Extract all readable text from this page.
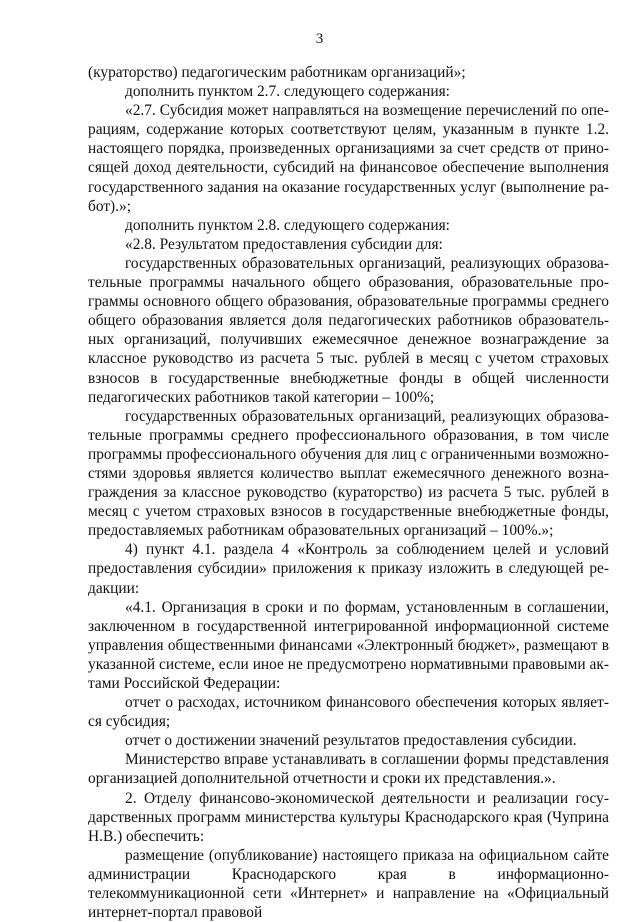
3

(кураторство) педагогическим работникам организаций»;

дополнить пунктом 2.7. следующего содержания:

«2.7. Субсидия может направляться на возмещение перечислений по операциям, содержание которых соответствуют целям, указанным в пункте 1.2. настоящего порядка, произведенных организациями за счет средств от приносящей доход деятельности, субсидий на финансовое обеспечение выполнения государственного задания на оказание государственных услуг (выполнение работ).»;

дополнить пунктом 2.8. следующего содержания:

«2.8. Результатом предоставления субсидии для:

государственных образовательных организаций, реализующих образовательные программы начального общего образования, образовательные программы основного общего образования, образовательные программы среднего общего образования является доля педагогических работников образовательных организаций, получивших ежемесячное денежное вознаграждение за классное руководство из расчета 5 тыс. рублей в месяц с учетом страховых взносов в государственные внебюджетные фонды в общей численности педагогических работников такой категории – 100%;

государственных образовательных организаций, реализующих образовательные программы среднего профессионального образования, в том числе программы профессионального обучения для лиц с ограниченными возможностями здоровья является количество выплат ежемесячного денежного вознаграждения за классное руководство (кураторство) из расчета 5 тыс. рублей в месяц с учетом страховых взносов в государственные внебюджетные фонды, предоставляемых работникам образовательных организаций – 100%.»;

4) пункт 4.1. раздела 4 «Контроль за соблюдением целей и условий предоставления субсидии» приложения к приказу изложить в следующей редакции:

«4.1. Организация в сроки и по формам, установленным в соглашении, заключенном в государственной интегрированной информационной системе управления общественными финансами «Электронный бюджет», размещают в указанной системе, если иное не предусмотрено нормативными правовыми актами Российской Федерации:

отчет о расходах, источником финансового обеспечения которых является субсидия;

отчет о достижении значений результатов предоставления субсидии.

Министерство вправе устанавливать в соглашении формы представления организацией дополнительной отчетности и сроки их представления.».

2. Отделу финансово-экономической деятельности и реализации государственных программ министерства культуры Краснодарского края (Чуприна Н.В.) обеспечить:

размещение (опубликование) настоящего приказа на официальном сайте администрации Краснодарского края в информационно-телекоммуникационной сети «Интернет» и направление на «Официальный интернет-портал правовой
